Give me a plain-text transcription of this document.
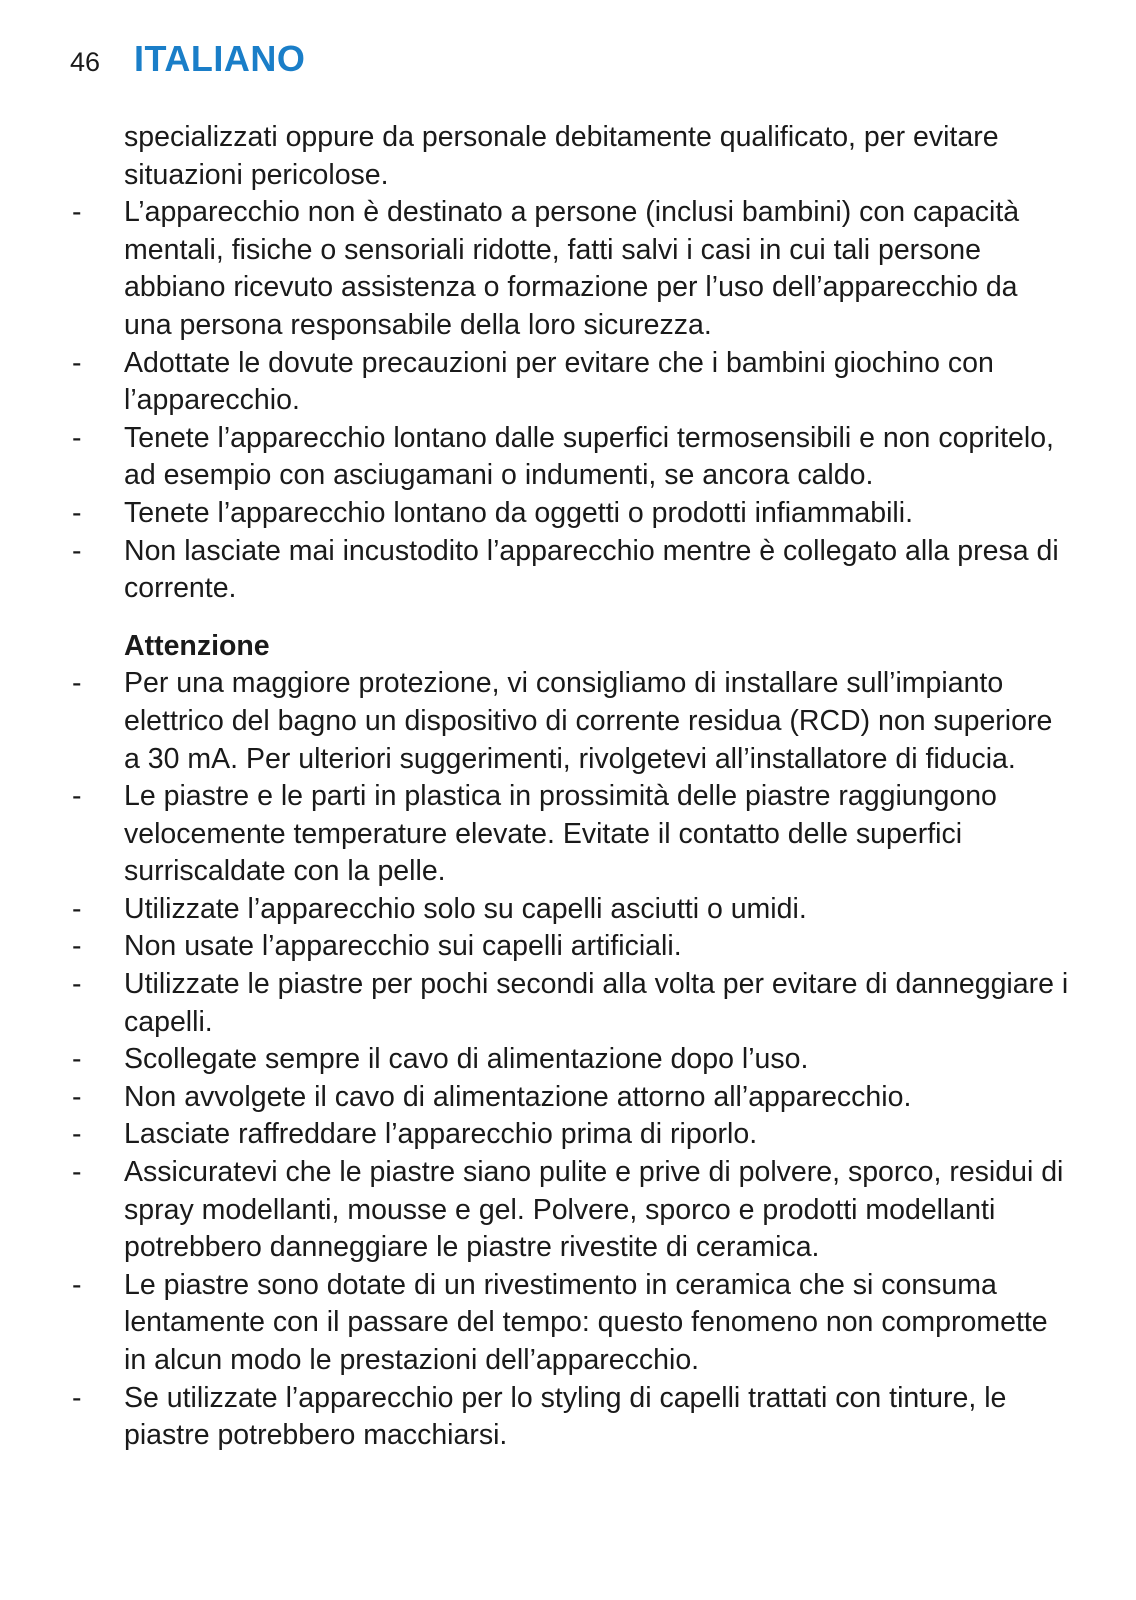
46 ITALIANO

specializzati oppure da personale debitamente qualificato, per evitare situazioni pericolose.

-	L’apparecchio non è destinato a persone (inclusi bambini) con capacità mentali, fisiche o sensoriali ridotte, fatti salvi i casi in cui tali persone abbiano ricevuto assistenza o formazione per l’uso dell’apparecchio da una persona responsabile della loro sicurezza.
-	Adottate le dovute precauzioni per evitare che i bambini giochino con l’apparecchio.
-	Tenete l’apparecchio lontano dalle superfici termosensibili e non copritelo, ad esempio con asciugamani o indumenti, se ancora caldo.
-	Tenete l’apparecchio lontano da oggetti o prodotti infiammabili.
-	Non lasciate mai incustodito l’apparecchio mentre è collegato alla presa di corrente.

Attenzione

-	Per una maggiore protezione, vi consigliamo di installare sull’impianto elettrico del bagno un dispositivo di corrente residua (RCD) non superiore a 30 mA. Per ulteriori suggerimenti, rivolgetevi all’installatore di fiducia.
-	Le piastre e le parti in plastica in prossimità delle piastre raggiungono velocemente temperature elevate. Evitate il contatto delle superfici surriscaldate con la pelle.
-	Utilizzate l’apparecchio solo su capelli asciutti o umidi.
-	Non usate l’apparecchio sui capelli artificiali.
-	Utilizzate le piastre per pochi secondi alla volta per evitare di danneggiare i capelli.
-	Scollegate sempre il cavo di alimentazione dopo l’uso.
-	Non avvolgete il cavo di alimentazione attorno all’apparecchio.
-	Lasciate raffreddare l’apparecchio prima di riporlo.
-	Assicuratevi che le piastre siano pulite e prive di polvere, sporco, residui di spray modellanti, mousse e gel. Polvere, sporco e prodotti modellanti potrebbero danneggiare le piastre rivestite di ceramica.
-	Le piastre sono dotate di un rivestimento in ceramica che si consuma lentamente con il passare del tempo: questo fenomeno non compromette in alcun modo le prestazioni dell’apparecchio.
-	Se utilizzate l’apparecchio per lo styling di capelli trattati con tinture, le piastre potrebbero macchiarsi.
